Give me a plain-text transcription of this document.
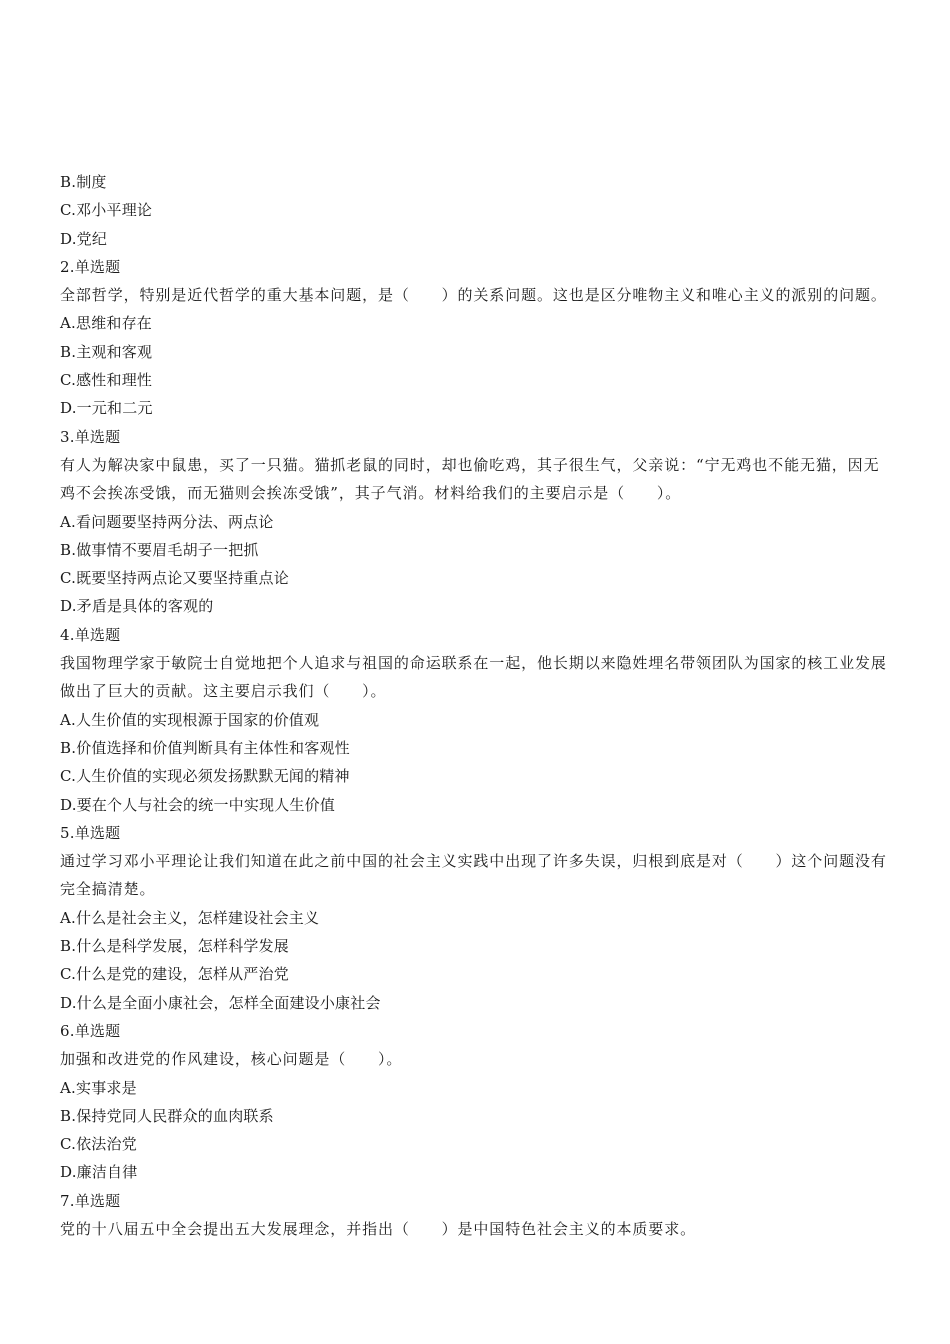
B.制度
C.邓小平理论
D.党纪
2.单选题
全部哲学，特别是近代哲学的重大基本问题，是（　　）的关系问题。这也是区分唯物主义和唯心主义的派别的问题。
A.思维和存在
B.主观和客观
C.感性和理性
D.一元和二元
3.单选题
有人为解决家中鼠患，买了一只猫。猫抓老鼠的同时，却也偷吃鸡，其子很生气，父亲说：“宁无鸡也不能无猫，因无鸡不会挨冻受饿，而无猫则会挨冻受饿”，其子气消。材料给我们的主要启示是（　　）。
A.看问题要坚持两分法、两点论
B.做事情不要眉毛胡子一把抓
C.既要坚持两点论又要坚持重点论
D.矛盾是具体的客观的
4.单选题
我国物理学家于敏院士自觉地把个人追求与祖国的命运联系在一起，他长期以来隐姓埋名带领团队为国家的核工业发展做出了巨大的贡献。这主要启示我们（　　）。
A.人生价值的实现根源于国家的价值观
B.价值选择和价值判断具有主体性和客观性
C.人生价值的实现必须发扬默默无闻的精神
D.要在个人与社会的统一中实现人生价值
5.单选题
通过学习邓小平理论让我们知道在此之前中国的社会主义实践中出现了许多失误，归根到底是对（　　）这个问题没有完全搞清楚。
A.什么是社会主义，怎样建设社会主义
B.什么是科学发展，怎样科学发展
C.什么是党的建设，怎样从严治党
D.什么是全面小康社会，怎样全面建设小康社会
6.单选题
加强和改进党的作风建设，核心问题是（　　）。
A.实事求是
B.保持党同人民群众的血肉联系
C.依法治党
D.廉洁自律
7.单选题
党的十八届五中全会提出五大发展理念，并指出（　　）是中国特色社会主义的本质要求。
